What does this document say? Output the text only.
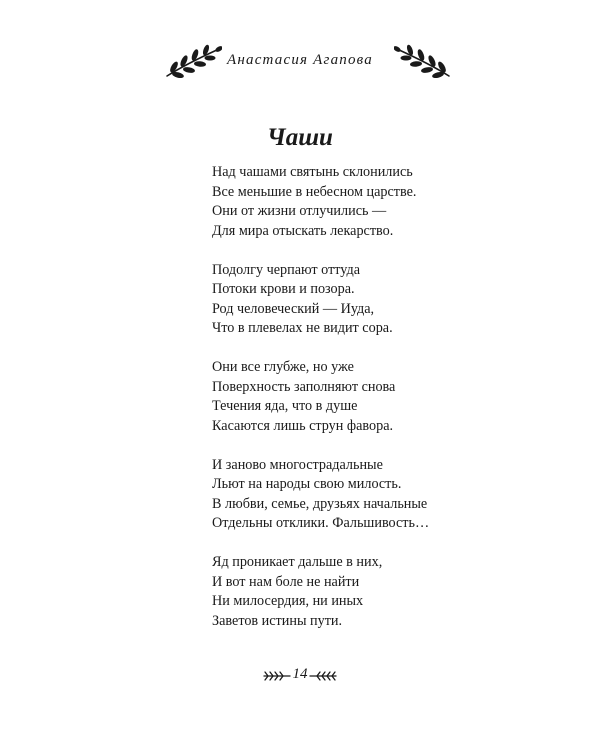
Анастасия Агапова
Чаши
Над чашами святынь склонились
Все меньшие в небесном царстве.
Они от жизни отлучились —
Для мира отыскать лекарство.
Подолгу черпают оттуда
Потоки крови и позора.
Род человеческий — Иуда,
Что в плевелах не видит сора.
Они все глубже, но уже
Поверхность заполняют снова
Течения яда, что в душе
Касаются лишь струн фавора.
И заново многострадальные
Льют на народы свою милость.
В любви, семье, друзьях начальные
Отдельны отклики. Фальшивость…
Яд проникает дальше в них,
И вот нам боле не найти
Ни милосердия, ни иных
Заветов истины пути.
14
